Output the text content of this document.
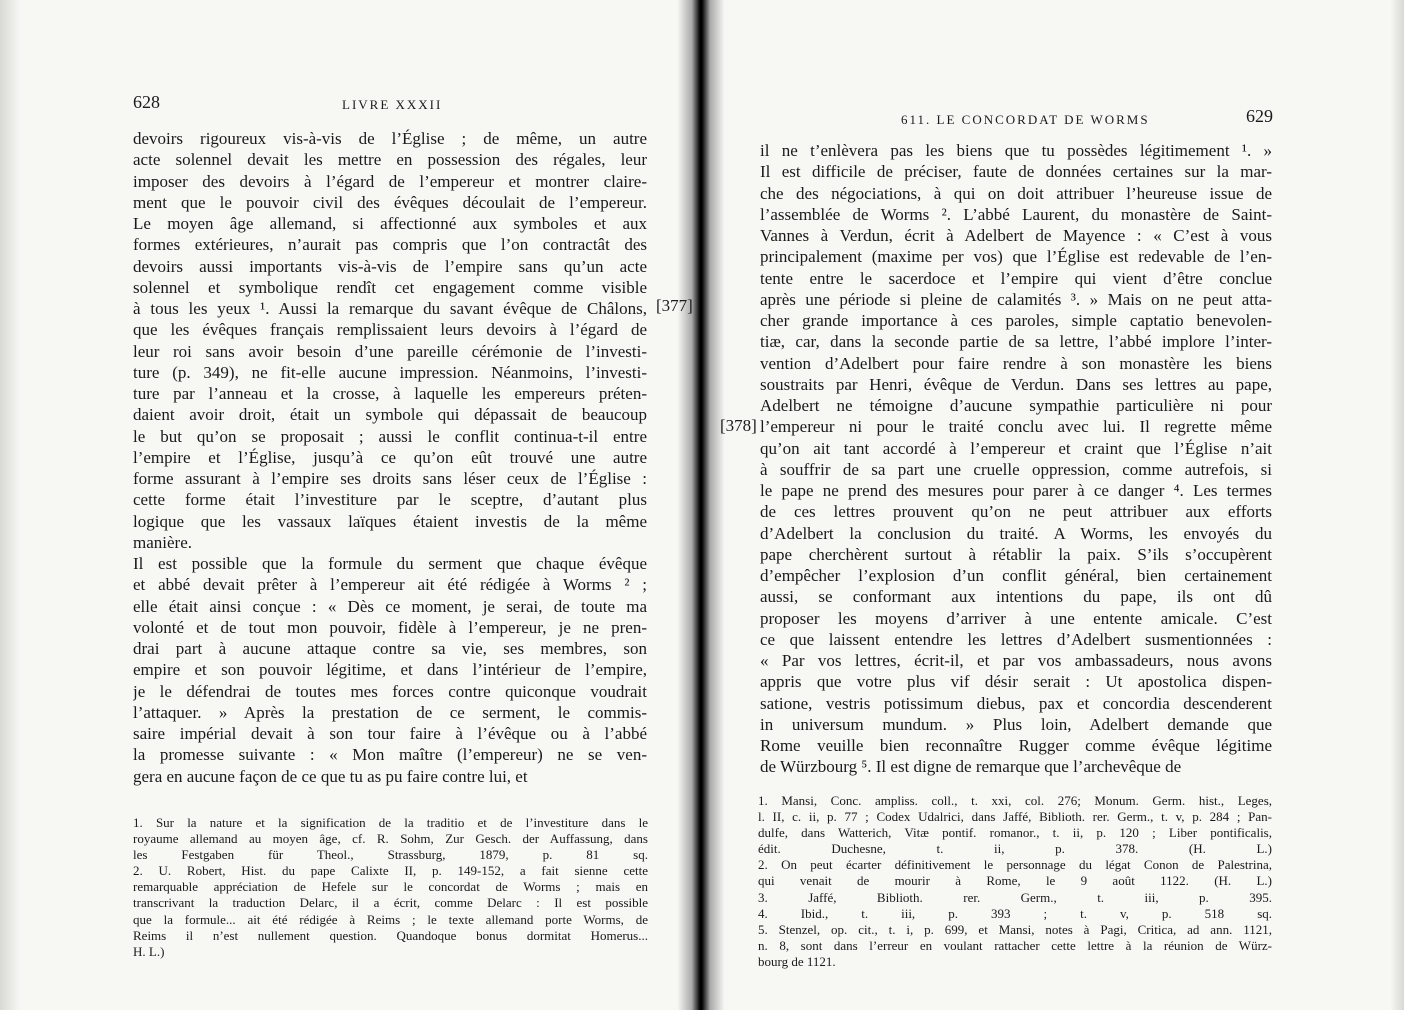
628	LIVRE XXXII
devoirs rigoureux vis-à-vis de l’Église ; de même, un autre
acte solennel devait les mettre en possession des régales, leur
imposer des devoirs à l’égard de l’empereur et montrer claire-
ment que le pouvoir civil des évêques découlait de l’empereur.
Le moyen âge allemand, si affectionné aux symboles et aux
formes extérieures, n’aurait pas compris que l’on contractât des
devoirs aussi importants vis-à-vis de l’empire sans qu’un acte
solennel et symbolique rendît cet engagement comme visible
à tous les yeux ¹. Aussi la remarque du savant évêque de Châlons,
que les évêques français remplissaient leurs devoirs à l’égard de
leur roi sans avoir besoin d’une pareille cérémonie de l’investi-
ture (p. 349), ne fit-elle aucune impression. Néanmoins, l’investi-
ture par l’anneau et la crosse, à laquelle les empereurs préten-
daient avoir droit, était un symbole qui dépassait de beaucoup
le but qu’on se proposait ; aussi le conflit continua-t-il entre
l’empire et l’Église, jusqu’à ce qu’on eût trouvé une autre
forme assurant à l’empire ses droits sans léser ceux de l’Église :
cette forme était l’investiture par le sceptre, d’autant plus
logique que les vassaux laïques étaient investis de la même
manière.
Il est possible que la formule du serment que chaque évêque
et abbé devait prêter à l’empereur ait été rédigée à Worms ² ;
elle était ainsi conçue : « Dès ce moment, je serai, de toute ma
volonté et de tout mon pouvoir, fidèle à l’empereur, je ne pren-
drai part à aucune attaque contre sa vie, ses membres, son
empire et son pouvoir légitime, et dans l’intérieur de l’empire,
je le défendrai de toutes mes forces contre quiconque voudrait
l’attaquer. » Après la prestation de ce serment, le commis-
saire impérial devait à son tour faire à l’évêque ou à l’abbé
la promesse suivante : « Mon maître (l’empereur) ne se ven-
gera en aucune façon de ce que tu as pu faire contre lui, et
1. Sur la nature et la signification de la traditio et de l’investiture dans le
royaume allemand au moyen âge, cf. R. Sohm, Zur Gesch. der Auffassung, dans
les Festgaben für Theol., Strassburg, 1879, p. 81 sq.
2. U. Robert, Hist. du pape Calixte II, p. 149-152, a fait sienne cette
remarquable appréciation de Hefele sur le concordat de Worms ; mais en
transcrivant la traduction Delarc, il a écrit, comme Delarc : Il est possible
que la formule... ait été rédigée à Reims ; le texte allemand porte Worms, de
Reims il n’est nullement question. Quandoque bonus dormitat Homerus...
H. L.)
611. LE CONCORDAT DE WORMS	629
il ne t’enlèvera pas les biens que tu possèdes légitimement ¹. »
Il est difficile de préciser, faute de données certaines sur la mar-
che des négociations, à qui on doit attribuer l’heureuse issue de
l’assemblée de Worms ². L’abbé Laurent, du monastère de Saint-
Vannes à Verdun, écrit à Adelbert de Mayence : « C’est à vous
principalement (maxime per vos) que l’Église est redevable de l’en-
tente entre le sacerdoce et l’empire qui vient d’être conclue
après une période si pleine de calamités ³. » Mais on ne peut atta-
cher grande importance à ces paroles, simple captatio benevolen-
tiæ, car, dans la seconde partie de sa lettre, l’abbé implore l’inter-
vention d’Adelbert pour faire rendre à son monastère les biens
soustraits par Henri, évêque de Verdun. Dans ses lettres au pape,
Adelbert ne témoigne d’aucune sympathie particulière ni pour
l’empereur ni pour le traité conclu avec lui. Il regrette même
qu’on ait tant accordé à l’empereur et craint que l’Église n’ait
à souffrir de sa part une cruelle oppression, comme autrefois, si
le pape ne prend des mesures pour parer à ce danger ⁴. Les termes
de ces lettres prouvent qu’on ne peut attribuer aux efforts
d’Adelbert la conclusion du traité. A Worms, les envoyés du
pape cherchèrent surtout à rétablir la paix. S’ils s’occupèrent
d’empêcher l’explosion d’un conflit général, bien certainement
aussi, se conformant aux intentions du pape, ils ont dû
proposer les moyens d’arriver à une entente amicale. C’est
ce que laissent entendre les lettres d’Adelbert susmentionnées :
« Par vos lettres, écrit-il, et par vos ambassadeurs, nous avons
appris que votre plus vif désir serait : Ut apostolica dispen-
satione, vestris potissimum diebus, pax et concordia descenderent
in universum mundum. » Plus loin, Adelbert demande que
Rome veuille bien reconnaître Rugger comme évêque légitime
de Würzbourg ⁵. Il est digne de remarque que l’archevêque de
1. Mansi, Conc. ampliss. coll., t. xxi, col. 276; Monum. Germ. hist., Leges,
l. II, c. ii, p. 77 ; Codex Udalrici, dans Jaffé, Biblioth. rer. Germ., t. v, p. 284 ; Pan-
dulfe, dans Watterich, Vitæ pontif. romanor., t. ii, p. 120 ; Liber pontificalis,
édit. Duchesne, t. ii, p. 378. (H. L.)
2. On peut écarter définitivement le personnage du légat Conon de Palestrina,
qui venait de mourir à Rome, le 9 août 1122. (H. L.)
3. Jaffé, Biblioth. rer. Germ., t. iii, p. 395.
4. Ibid., t. iii, p. 393 ; t. v, p. 518 sq.
5. Stenzel, op. cit., t. i, p. 699, et Mansi, notes à Pagi, Critica, ad ann. 1121,
n. 8, sont dans l’erreur en voulant rattacher cette lettre à la réunion de Würz-
bourg de 1121.
[377]
[378]
